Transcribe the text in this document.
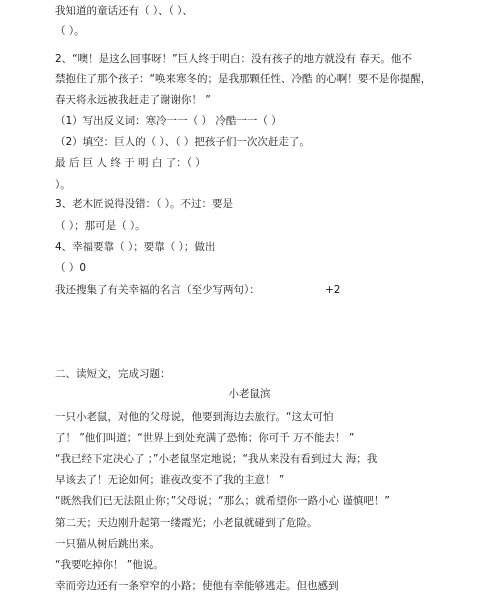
我知道的童话还有（ ）、（ ）、
（ ）。
2、“噢！是这么回事呀！”巨人终于明白：没有孩子的地方就没有 春天。他不
禁抱住了那个孩子：“唤来寒冬的；是我那颗任性、冷酷 的心啊！要不是你提醒，
春天将永远被我赶走了谢谢你！ ”
（1）写出反义词：寒冷一一（ ） 冷酷一一（ ）
（2）填空：巨人的（ ）、（ ）把孩子们一次次赶走了。
最 后 巨 人 终 于 明 白 了：（ ）
）。
3、老木匠说得没错：（ ）。不过：要是
（ ）；那可是（ ）。
4、幸福要靠（ ）；要靠（ ）；做出
（ ）0
我还搜集了有关幸福的名言（至少写两句）：	+2
二、读短文，完成习题：
小老鼠滨
一只小老鼠，对他的父母说，他要到海边去旅行。“这太可怕
了！ ”他们叫道；“世界上到处充满了恐怖；你可千 万不能去！ ”
“我已经下定决心了 ；”小老鼠坚定地说；“我从来没有看到过大 海；我
早该去了！无论如何；谁夜改变不了我的主意！ ”
“既然我们已无法阻止你；”父母说；“那么；就希望你一路小心 谨慎吧！”
第二天；天边刚升起第一缕霞光；小老鼠就碰到了危险。
一只猫从树后跳出来。
“我要吃掉你！ ”他说。
幸而旁边还有一条窄窄的小路；使他有幸能够逃走。但也感到
